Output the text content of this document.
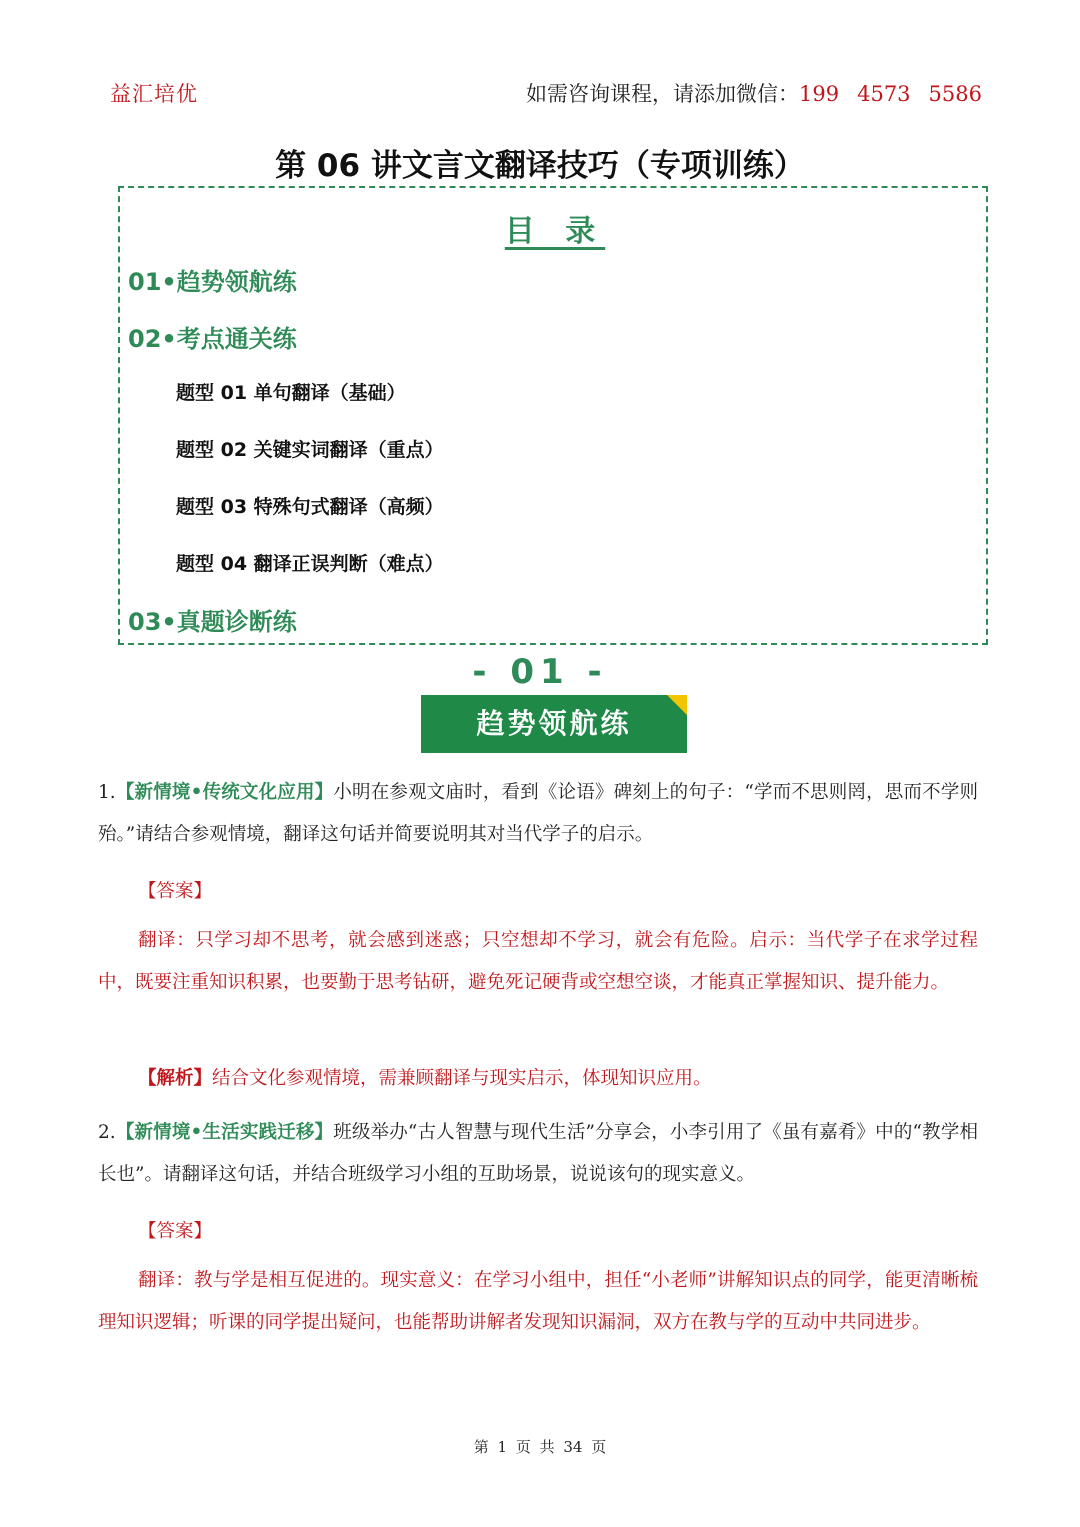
益汇培优	如需咨询课程，请添加微信：199 4573 5586
第 06 讲文言文翻译技巧（专项训练）
目 录
01•趋势领航练
02•考点通关练
题型 01 单句翻译（基础）
题型 02 关键实词翻译（重点）
题型 03 特殊句式翻译（高频）
题型 04 翻译正误判断（难点）
03•真题诊断练
- 01 -
趋势领航练
1.【新情境•传统文化应用】小明在参观文庙时，看到《论语》碑刻上的句子：“学而不思则罔，思而不学则殆。”请结合参观情境，翻译这句话并简要说明其对当代学子的启示。
【答案】
翻译：只学习却不思考，就会感到迷惑；只空想却不学习，就会有危险。启示：当代学子在求学过程中，既要注重知识积累，也要勤于思考钻研，避免死记硬背或空想空谈，才能真正掌握知识、提升能力。
【解析】结合文化参观情境，需兼顾翻译与现实启示，体现知识应用。
2.【新情境•生活实践迁移】班级举办“古人智慧与现代生活”分享会，小李引用了《虽有嘉肴》中的“教学相长也”。请翻译这句话，并结合班级学习小组的互助场景，说说该句的现实意义。
【答案】
翻译：教与学是相互促进的。现实意义：在学习小组中，担任“小老师”讲解知识点的同学，能更清晰梳理知识逻辑；听课的同学提出疑问，也能帮助讲解者发现知识漏洞，双方在教与学的互动中共同进步。
第 1 页 共 34 页
